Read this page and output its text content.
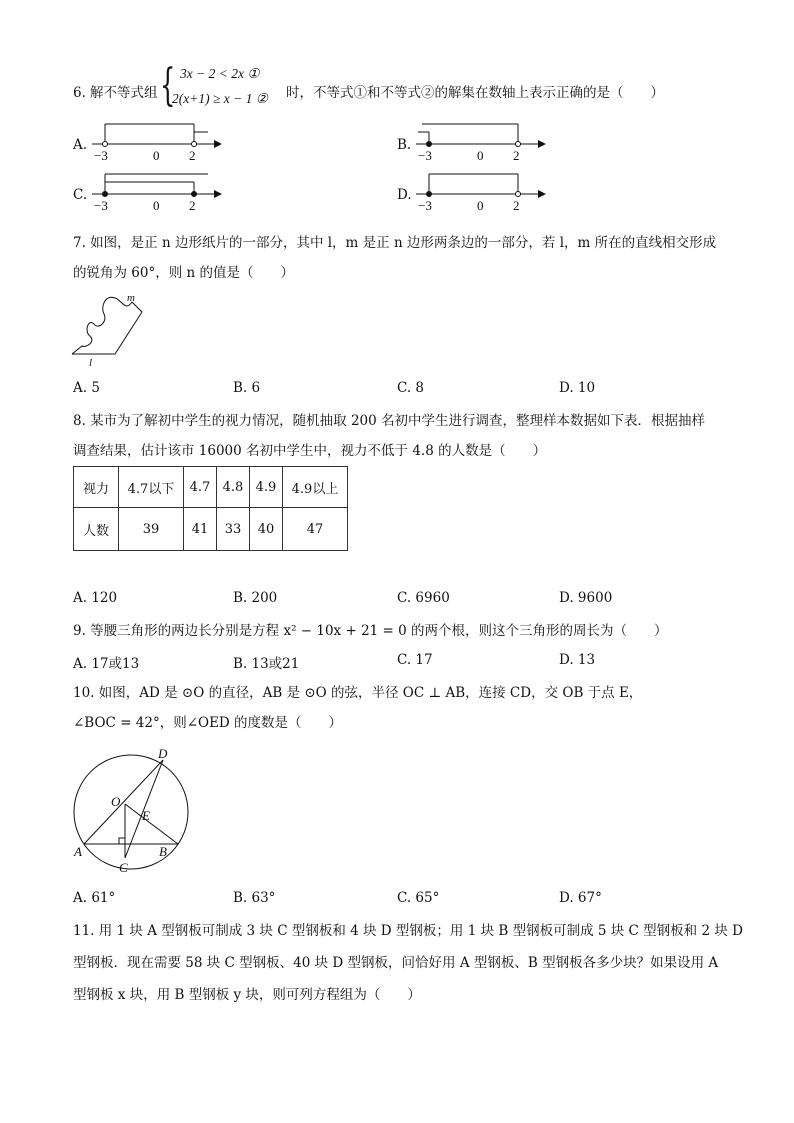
6. 解不等式组 { 3x − 2 < 2x ①
2(x+1) ≥ x − 1 ② 时，不等式①和不等式②的解集在数轴上表示正确的是（　　）
A.
−3	0 2
B.
−3	0 2
C.
−3	0 2
D.
−3	0 2
7. 如图，是正 n 边形纸片的一部分，其中 l，m 是正 n 边形两条边的一部分，若 l，m 所在的直线相交形成
的锐角为 60°，则 n 的值是（　　）
m
l
A. 5	B. 6	C. 8	D. 10
8. 某市为了解初中学生的视力情况，随机抽取 200 名初中学生进行调查，整理样本数据如下表．根据抽样
调查结果，估计该市 16000 名初中学生中，视力不低于 4.8 的人数是（　　）
视力	4.7以下	4.7	4.8	4.9	4.9以上
人数	39	41	33	40	47
A. 120	B. 200	C. 6960	D. 9600
9. 等腰三角形的两边长分别是方程 x² − 10x + 21 = 0 的两个根，则这个三角形的周长为（　　）
A. 17或13	B. 13或21	C. 17	D. 13
10. 如图，AD 是 ⊙O 的直径，AB 是 ⊙O 的弦，半径 OC ⊥ AB，连接 CD，交 OB 于点 E，
∠BOC = 42°，则∠OED 的度数是（　　）
D
O
E
A
C
B
A. 61°	B. 63°	C. 65°	D. 67°
11. 用 1 块 A 型钢板可制成 3 块 C 型钢板和 4 块 D 型钢板；用 1 块 B 型钢板可制成 5 块 C 型钢板和 2 块 D
型钢板．现在需要 58 块 C 型钢板、40 块 D 型钢板，问恰好用 A 型钢板、B 型钢板各多少块？如果设用 A
型钢板 x 块，用 B 型钢板 y 块，则可列方程组为（　　）
